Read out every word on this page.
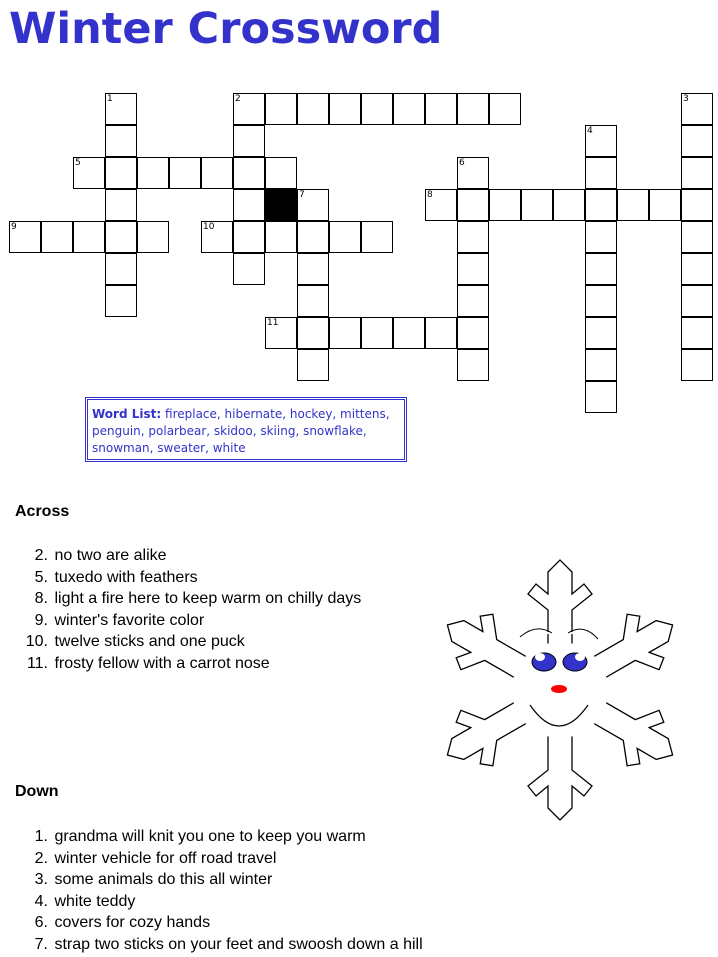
Winter Crossword
1	2	3
4
5	6
7	8
9	10
11
Word List: fireplace, hibernate, hockey, mittens, penguin, polarbear, skidoo, skiing, snowflake, snowman, sweater, white
Across
2.
no two are alike
5.
tuxedo with feathers
8.
light a fire here to keep warm on chilly days
9.
winter's favorite color
10.
twelve sticks and one puck
11.
frosty fellow with a carrot nose
Down
1.
grandma will knit you one to keep you warm
2.
winter vehicle for off road travel
3.
some animals do this all winter
4.
white teddy
6.
covers for cozy hands
7.
strap two sticks on your feet and swoosh down a hill
